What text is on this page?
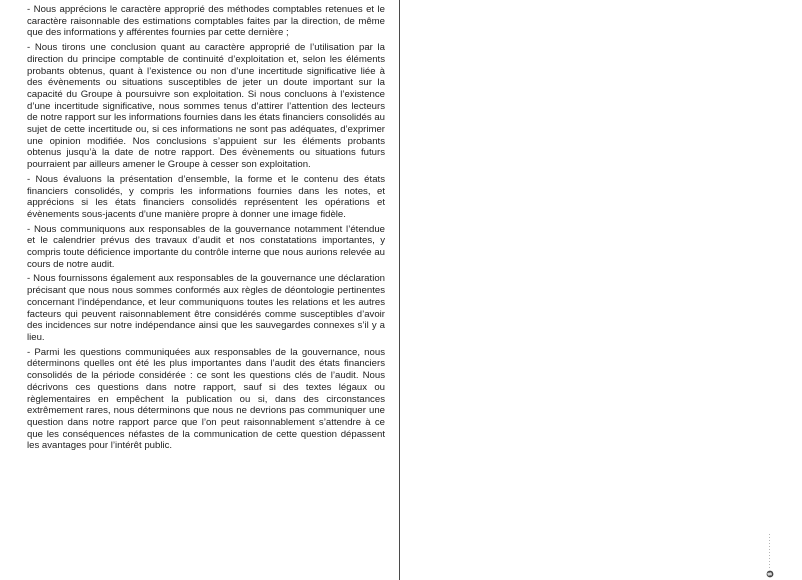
- Nous apprécions le caractère approprié des méthodes comptables retenues et le caractère raisonnable des estimations comptables faites par la direction, de même que des informations y afférentes fournies par cette dernière ;

- Nous tirons une conclusion quant au caractère approprié de l’utilisation par la direction du principe comptable de continuité d’exploitation et, selon les éléments probants obtenus, quant à l’existence ou non d’une incertitude significative liée à des évènements ou situations susceptibles de jeter un doute important sur la capacité du Groupe à poursuivre son exploitation. Si nous concluons à l’existence d’une incertitude significative, nous sommes tenus d’attirer l’attention des lecteurs de notre rapport sur les informations fournies dans les états financiers consolidés au sujet de cette incertitude ou, si ces informations ne sont pas adéquates, d’exprimer une opinion modifiée. Nos conclusions s’appuient sur les éléments probants obtenus jusqu’à la date de notre rapport. Des évènements ou situations futurs pourraient par ailleurs amener le Groupe à cesser son exploitation.

- Nous évaluons la présentation d’ensemble, la forme et le contenu des états financiers consolidés, y compris les informations fournies dans les notes, et apprécions si les états financiers consolidés représentent les opérations et évènements sous-jacents d’une manière propre à donner une image fidèle.

- Nous communiquons aux responsables de la gouvernance notamment l’étendue et le calendrier prévus des travaux d’audit et nos constatations importantes, y compris toute déficience importante du contrôle interne que nous aurions relevée au cours de notre audit.

- Nous fournissons également aux responsables de la gouvernance une déclaration précisant que nous nous sommes conformés aux règles de déontologie pertinentes concernant l’indépendance, et leur communiquons toutes les relations et les autres facteurs qui peuvent raisonnablement être considérés comme susceptibles d’avoir des incidences sur notre indépendance ainsi que les sauvegardes connexes s’il y a lieu.

- Parmi les questions communiquées aux responsables de la gouvernance, nous déterminons quelles ont été les plus importantes dans l’audit des états financiers consolidés de la période considérée : ce sont les questions clés de l’audit. Nous décrivons ces questions dans notre rapport, sauf si des textes légaux ou règlementaires en empêchent la publication ou si, dans des circonstances extrêmement rares, nous déterminons que nous ne devrions pas communiquer une question dans notre rapport parce que l’on peut raisonnablement s’attendre à ce que les conséquences néfastes de la communication de cette question dépassent les avantages pour l’intérêt public.
